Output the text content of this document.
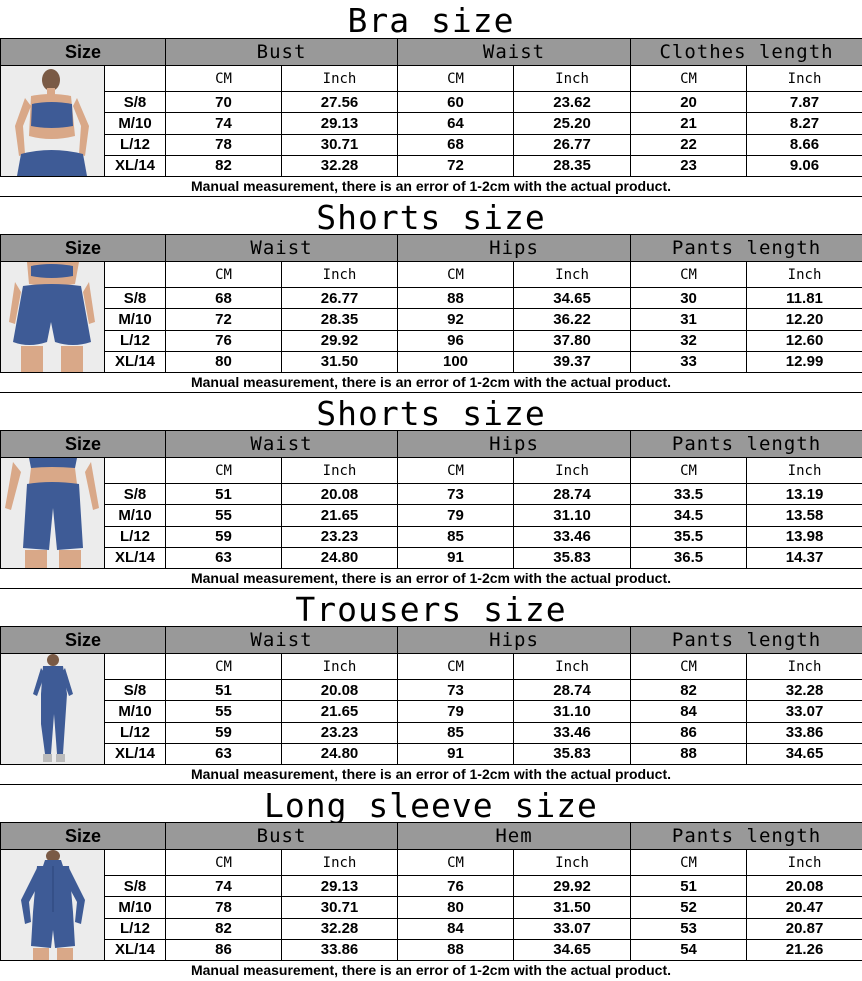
Bra size
Size		Bust		Waist		Clothes length	

		CM	Inch	CM	Inch	CM	Inch
	S/8	70	27.56	60	23.62	20	7.87
	M/10	74	29.13	64	25.20	21	8.27
	L/12	78	30.71	68	26.77	22	8.66
	XL/14	82	32.28	72	28.35	23	9.06
Manual measurement, there is an error of 1-2cm with the actual product.
Shorts size
Size		Waist		Hips		Pants length	

		CM	Inch	CM	Inch	CM	Inch
	S/8	68	26.77	88	34.65	30	11.81
	M/10	72	28.35	92	36.22	31	12.20
	L/12	76	29.92	96	37.80	32	12.60
	XL/14	80	31.50	100	39.37	33	12.99
Manual measurement, there is an error of 1-2cm with the actual product.
Shorts size
Size		Waist		Hips		Pants length	

		CM	Inch	CM	Inch	CM	Inch
	S/8	51	20.08	73	28.74	33.5	13.19
	M/10	55	21.65	79	31.10	34.5	13.58
	L/12	59	23.23	85	33.46	35.5	13.98
	XL/14	63	24.80	91	35.83	36.5	14.37
Manual measurement, there is an error of 1-2cm with the actual product.
Trousers size
Size		Waist		Hips		Pants length	

		CM	Inch	CM	Inch	CM	Inch
	S/8	51	20.08	73	28.74	82	32.28
	M/10	55	21.65	79	31.10	84	33.07
	L/12	59	23.23	85	33.46	86	33.86
	XL/14	63	24.80	91	35.83	88	34.65
Manual measurement, there is an error of 1-2cm with the actual product.
Long sleeve size
Size		Bust		Hem		Pants length	

		CM	Inch	CM	Inch	CM	Inch
	S/8	74	29.13	76	29.92	51	20.08
	M/10	78	30.71	80	31.50	52	20.47
	L/12	82	32.28	84	33.07	53	20.87
	XL/14	86	33.86	88	34.65	54	21.26
Manual measurement, there is an error of 1-2cm with the actual product.
